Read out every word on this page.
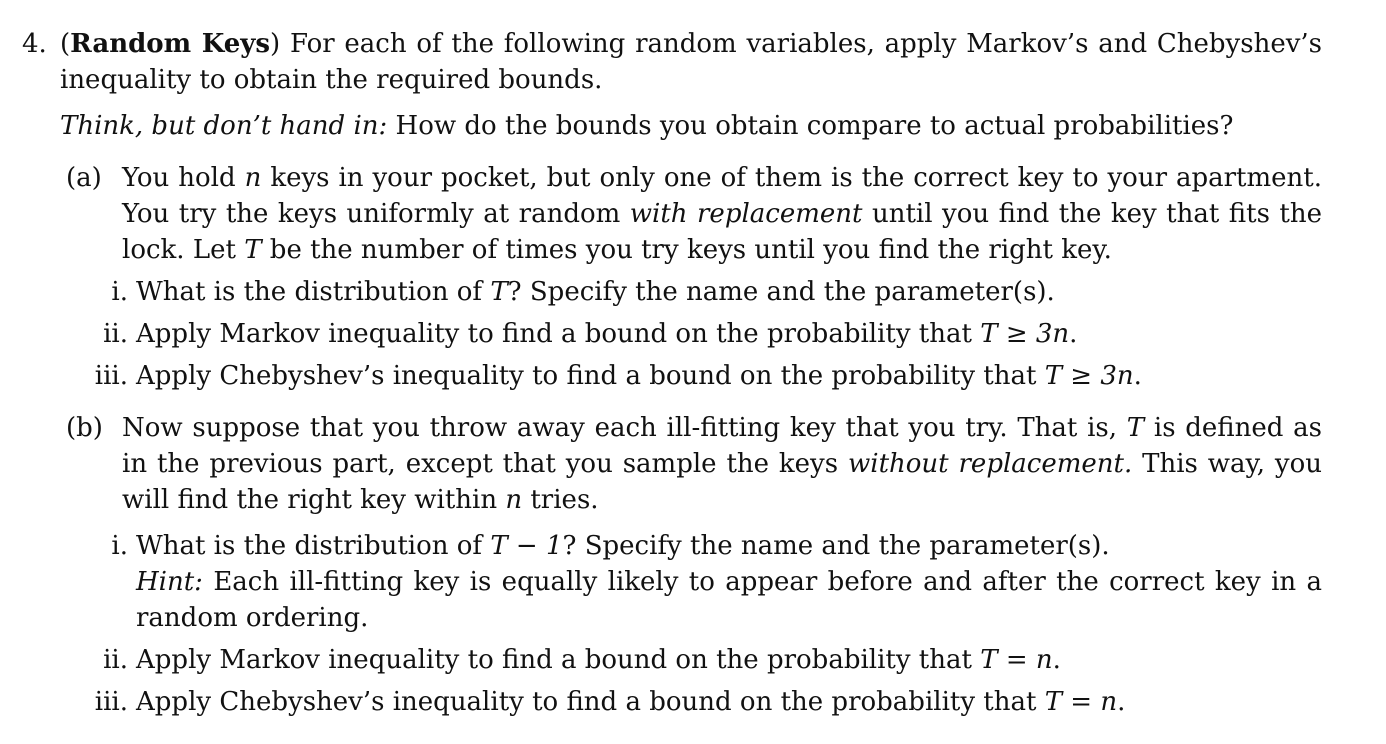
4. (Random Keys) For each of the following random variables, apply Markov’s and Chebyshev’s inequality to obtain the required bounds.
Think, but don’t hand in: How do the bounds you obtain compare to actual probabilities?
(a) You hold n keys in your pocket, but only one of them is the correct key to your apartment. You try the keys uniformly at random with replacement until you find the key that fits the lock. Let T be the number of times you try keys until you find the right key.
i. What is the distribution of T? Specify the name and the parameter(s).
ii. Apply Markov inequality to find a bound on the probability that T ≥ 3n.
iii. Apply Chebyshev’s inequality to find a bound on the probability that T ≥ 3n.
(b) Now suppose that you throw away each ill-fitting key that you try. That is, T is defined as in the previous part, except that you sample the keys without replacement. This way, you will find the right key within n tries.
i. What is the distribution of T − 1? Specify the name and the parameter(s).
Hint: Each ill-fitting key is equally likely to appear before and after the correct key in a random ordering.
ii. Apply Markov inequality to find a bound on the probability that T = n.
iii. Apply Chebyshev’s inequality to find a bound on the probability that T = n.
